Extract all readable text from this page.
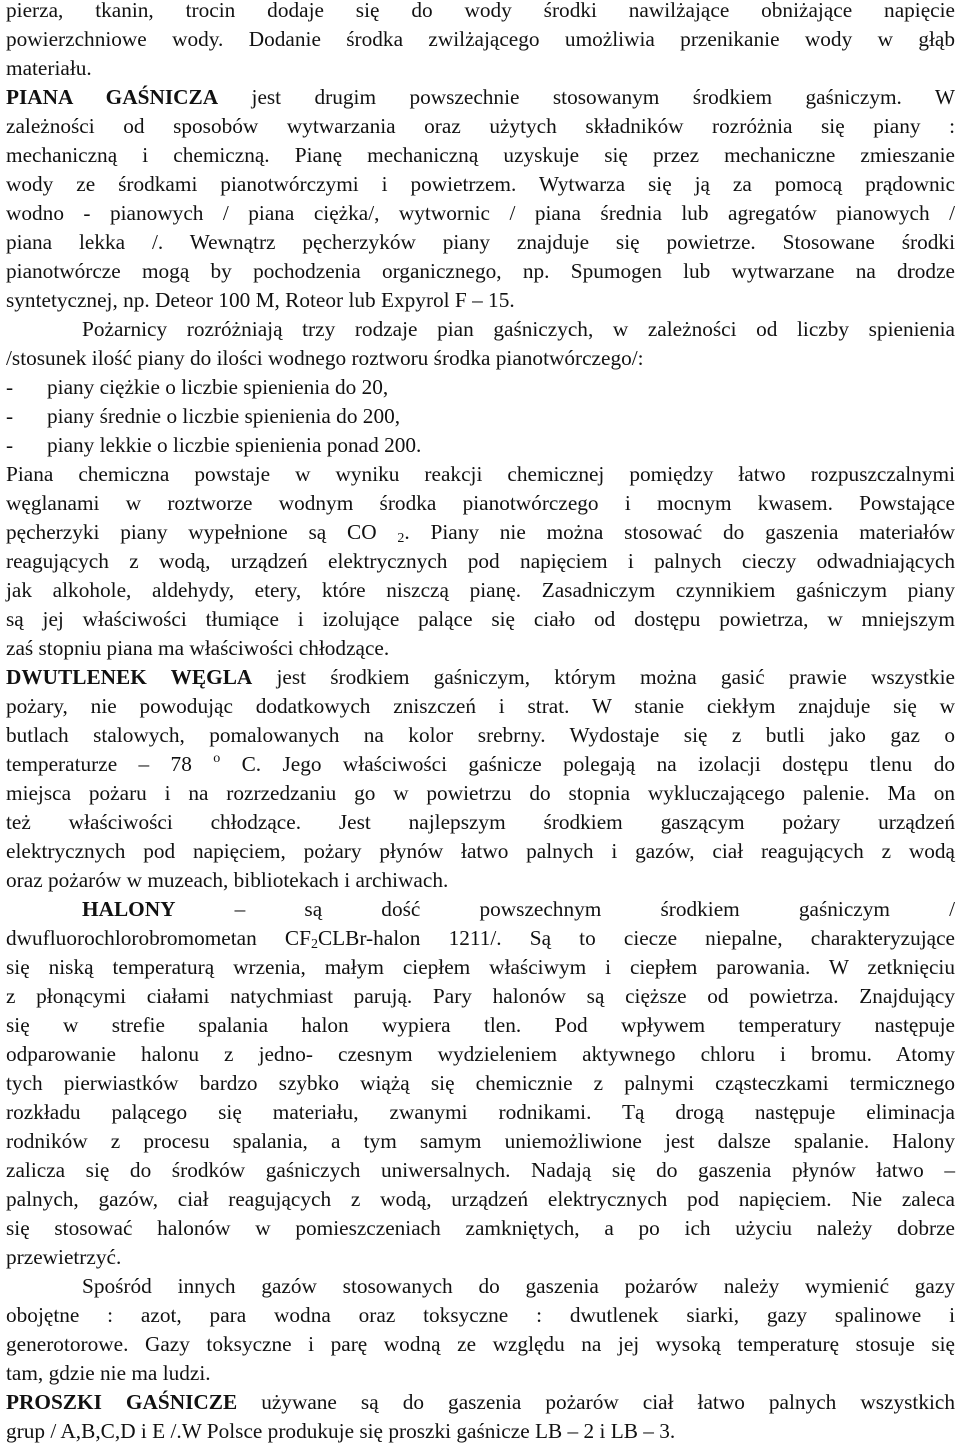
pierza, tkanin, trocin dodaje się do wody środki nawilżające obniżające napięcie
powierzchniowe wody. Dodanie środka zwilżającego umożliwia przenikanie wody w głąb
materiału.
PIANA GAŚNICZA jest drugim powszechnie stosowanym środkiem gaśniczym. W
zależności od sposobów wytwarzania oraz użytych składników rozróżnia się piany :
mechaniczną i chemiczną. Pianę mechaniczną uzyskuje się przez mechaniczne zmieszanie
wody ze środkami pianotwórczymi i powietrzem. Wytwarza się ją za pomocą prądownic
wodno - pianowych / piana ciężka/, wytwornic / piana średnia lub agregatów pianowych /
piana lekka /. Wewnątrz pęcherzyków piany znajduje się powietrze. Stosowane środki
pianotwórcze mogą by pochodzenia organicznego, np. Spumogen lub wytwarzane na drodze
syntetycznej, np. Deteor 100 M, Roteor lub Expyrol F – 15.
Pożarnicy rozróżniają trzy rodzaje pian gaśniczych, w zależności od liczby spienienia
/stosunek ilość piany do ilości wodnego roztworu środka pianotwórczego/:
- piany ciężkie o liczbie spienienia do 20,
- piany średnie o liczbie spienienia do 200,
- piany lekkie o liczbie spienienia ponad 200.
Piana chemiczna powstaje w wyniku reakcji chemicznej pomiędzy łatwo rozpuszczalnymi
węglanami w roztworze wodnym środka pianotwórczego i mocnym kwasem. Powstające
pęcherzyki piany wypełnione są CO $_2$. Piany nie można stosować do gaszenia materiałów
reagujących z wodą, urządzeń elektrycznych pod napięciem i palnych cieczy odwadniających
jak alkohole, aldehydy, etery, które niszczą pianę. Zasadniczym czynnikiem gaśniczym piany
są jej właściwości tłumiące i izolujące palące się ciało od dostępu powietrza, w mniejszym
zaś stopniu piana ma właściwości chłodzące.
DWUTLENEK WĘGLA jest środkiem gaśniczym, którym można gasić prawie wszystkie
pożary, nie powodując dodatkowych zniszczeń i strat. W stanie ciekłym znajduje się w
butlach stalowych, pomalowanych na kolor srebrny. Wydostaje się z butli jako gaz o
temperaturze – 78 $^o$ C. Jego właściwości gaśnicze polegają na izolacji dostępu tlenu do
miejsca pożaru i na rozrzedzaniu go w powietrzu do stopnia wykluczającego palenie. Ma on
też właściwości chłodzące. Jest najlepszym środkiem gaszącym pożary urządzeń
elektrycznych pod napięciem, pożary płynów łatwo palnych i gazów, ciał reagujących z wodą
oraz pożarów w muzeach, bibliotekach i archiwach.
HALONY – są dość powszechnym środkiem gaśniczym /
dwufluorochlorobromometan $CF_2CLBr$-halon 1211/. Są to ciecze niepalne, charakteryzujące
się niską temperaturą wrzenia, małym ciepłem właściwym i ciepłem parowania. W zetknięciu
z płonącymi ciałami natychmiast parują. Pary halonów są cięższe od powietrza. Znajdujący
się w strefie spalania halon wypiera tlen. Pod wpływem temperatury następuje
odparowanie halonu z jedno- czesnym wydzieleniem aktywnego chloru i bromu. Atomy
tych pierwiastków bardzo szybko wiążą się chemicznie z palnymi cząsteczkami termicznego
rozkładu palącego się materiału, zwanymi rodnikami. Tą drogą następuje eliminacja
rodników z procesu spalania, a tym samym uniemożliwione jest dalsze spalanie. Halony
zalicza się do środków gaśniczych uniwersalnych. Nadają się do gaszenia płynów łatwo –
palnych, gazów, ciał reagujących z wodą, urządzeń elektrycznych pod napięciem. Nie zaleca
się stosować halonów w pomieszczeniach zamkniętych, a po ich użyciu należy dobrze
przewietrzyć.
Spośród innych gazów stosowanych do gaszenia pożarów należy wymienić gazy
obojętne : azot, para wodna oraz toksyczne : dwutlenek siarki, gazy spalinowe i
generotorowe. Gazy toksyczne i parę wodną ze względu na jej wysoką temperaturę stosuje się
tam, gdzie nie ma ludzi.
PROSZKI GAŚNICZE używane są do gaszenia pożarów ciał łatwo palnych wszystkich
grup / A,B,C,D i E /.W Polsce produkuje się proszki gaśnicze LB – 2 i LB – 3.
